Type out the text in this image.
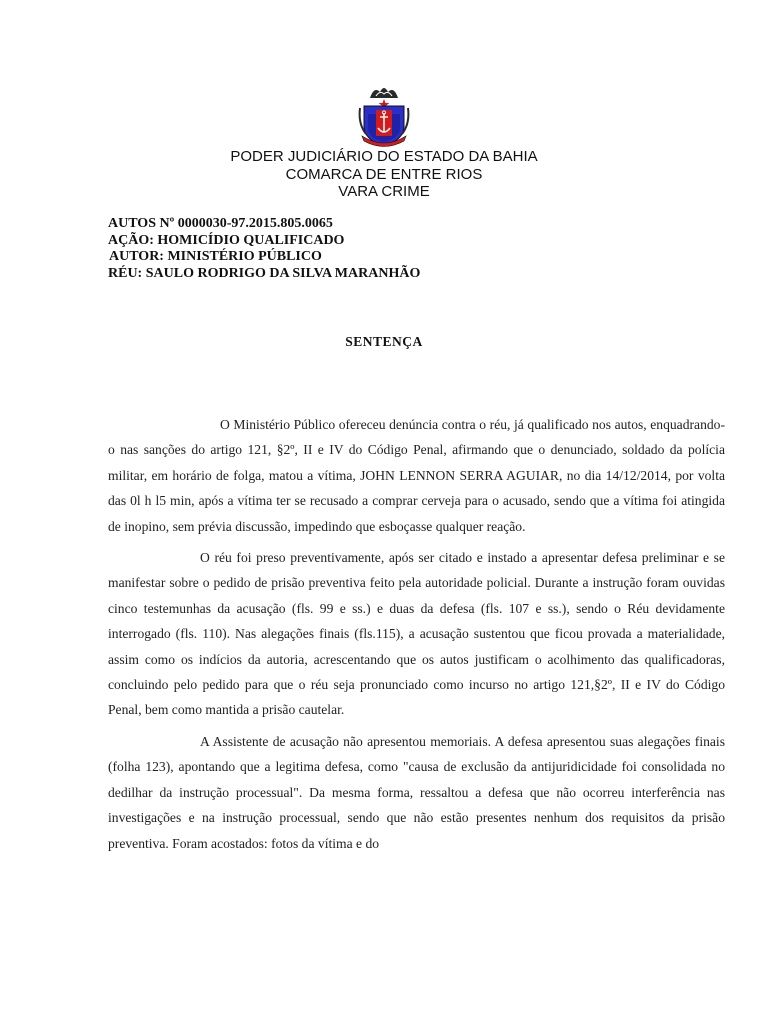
PODER JUDICIÁRIO DO ESTADO DA BAHIA
COMARCA DE ENTRE RIOS
VARA CRIME
AUTOS Nº 0000030-97.2015.805.0065
AÇÃO: HOMICÍDIO QUALIFICADO
AUTOR: MINISTÉRIO PÚBLICO
RÉU: SAULO RODRIGO DA SILVA MARANHÃO
SENTENÇA

O Ministério Público ofereceu denúncia contra o réu, já qualificado nos autos, enquadrando-o nas sanções do artigo 121, §2º, II e IV do Código Penal, afirmando que o denunciado, soldado da polícia militar, em horário de folga, matou a vítima, JOHN LENNON SERRA AGUIAR, no dia 14/12/2014, por volta das 0l h l5 min, após a vítima ter se recusado a comprar cerveja para o acusado, sendo que a vítima foi atingida de inopino, sem prévia discussão, impedindo que esboçasse qualquer reação.

O réu foi preso preventivamente, após ser citado e instado a apresentar defesa preliminar e se manifestar sobre o pedido de prisão preventiva feito pela autoridade policial. Durante a instrução foram ouvidas cinco testemunhas da acusação (fls. 99 e ss.) e duas da defesa (fls. 107 e ss.), sendo o Réu devidamente interrogado (fls. 110). Nas alegações finais (fls.115), a acusação sustentou que ficou provada a materialidade, assim como os indícios da autoria, acrescentando que os autos justificam o acolhimento das qualificadoras, concluindo pelo pedido para que o réu seja pronunciado como incurso no artigo 121,§2º, II e IV do Código Penal, bem como mantida a prisão cautelar.

A Assistente de acusação não apresentou memoriais. A defesa apresentou suas alegações finais (folha 123), apontando que a legitima defesa, como "causa de exclusão da antijuridicidade foi consolidada no dedilhar da instrução processual". Da mesma forma, ressaltou a defesa que não ocorreu interferência nas investigações e na instrução processual, sendo que não estão presentes nenhum dos requisitos da prisão preventiva. Foram acostados: fotos da vítima e do
